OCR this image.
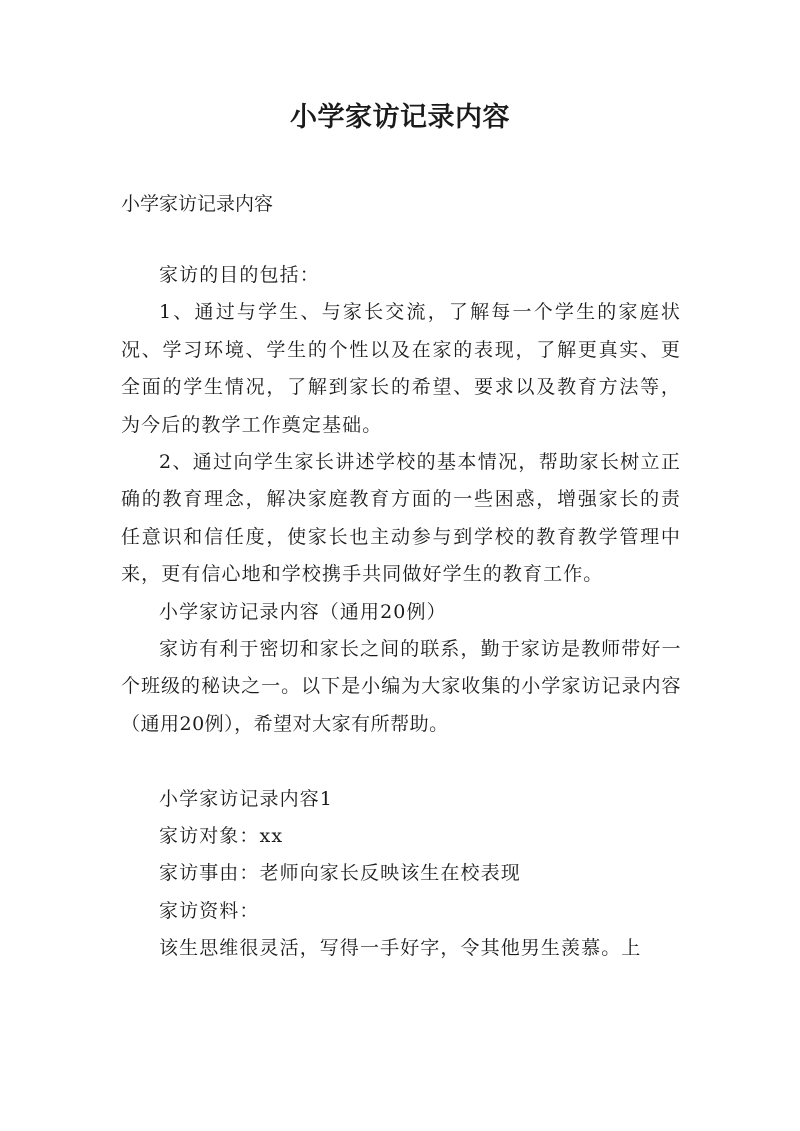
小学家访记录内容

小学家访记录内容

家访的目的包括：

1、通过与学生、与家长交流，了解每一个学生的家庭状况、学习环境、学生的个性以及在家的表现，了解更真实、更全面的学生情况，了解到家长的希望、要求以及教育方法等，为今后的教学工作奠定基础。

2、通过向学生家长讲述学校的基本情况，帮助家长树立正确的教育理念，解决家庭教育方面的一些困惑，增强家长的责任意识和信任度，使家长也主动参与到学校的教育教学管理中来，更有信心地和学校携手共同做好学生的教育工作。

小学家访记录内容（通用20例）

家访有利于密切和家长之间的联系，勤于家访是教师带好一个班级的秘诀之一。以下是小编为大家收集的小学家访记录内容（通用20例），希望对大家有所帮助。

小学家访记录内容1

家访对象：xx

家访事由：老师向家长反映该生在校表现

家访资料：

该生思维很灵活，写得一手好字，令其他男生羡慕。上
